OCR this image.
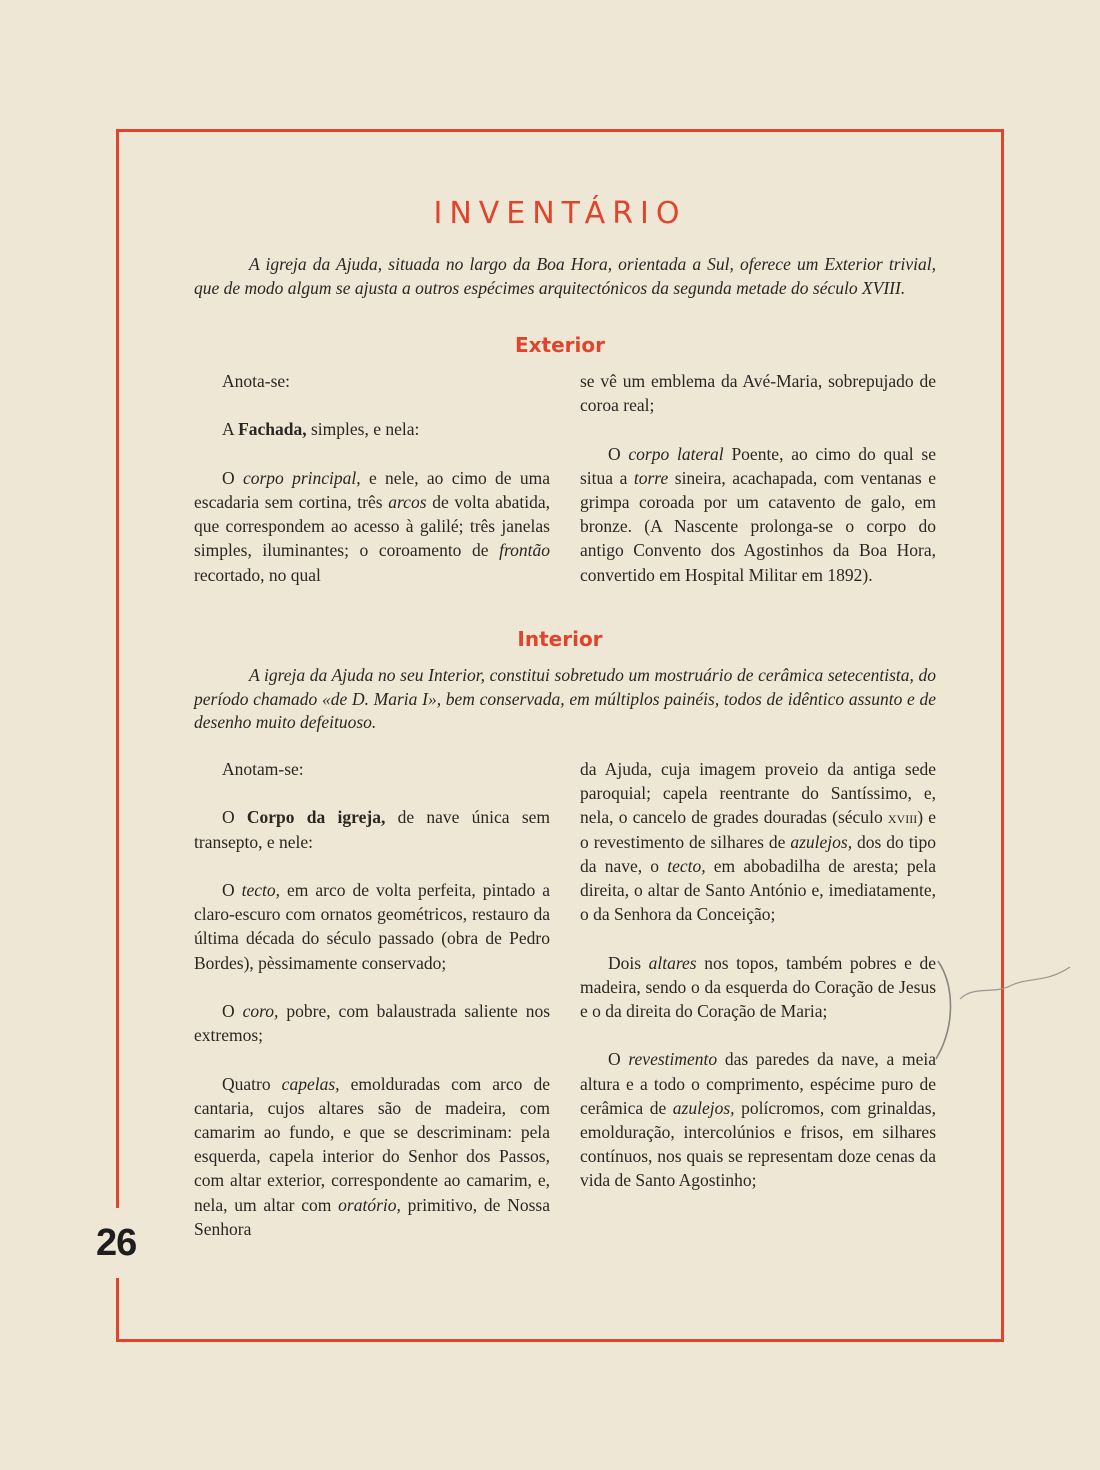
26
INVENTÁRIO

A igreja da Ajuda, situada no largo da Boa Hora, orientada a Sul, oferece um Exterior trivial, que de modo algum se ajusta a outros espécimes arquitectónicos da segunda metade do século XVIII.

Exterior

Anota-se:

A Fachada, simples, e nela:

O corpo principal, e nele, ao cimo de uma escadaria sem cortina, três arcos de volta abatida, que correspondem ao acesso à galilé; três janelas simples, iluminantes; o coroamento de frontão recortado, no qual

se vê um emblema da Avé-Maria, sobrepujado de coroa real;

O corpo lateral Poente, ao cimo do qual se situa a torre sineira, acachapada, com ventanas e grimpa coroada por um catavento de galo, em bronze. (A Nascente prolonga-se o corpo do antigo Convento dos Agostinhos da Boa Hora, convertido em Hospital Militar em 1892).

Interior

A igreja da Ajuda no seu Interior, constitui sobretudo um mostruário de cerâmica setecentista, do período chamado «de D. Maria I», bem conservada, em múltiplos painéis, todos de idêntico assunto e de desenho muito defeituoso.

Anotam-se:

O Corpo da igreja, de nave única sem transepto, e nele:

O tecto, em arco de volta perfeita, pintado a claro-escuro com ornatos geométricos, restauro da última década do século passado (obra de Pedro Bordes), pèssimamente conservado;

O coro, pobre, com balaustrada saliente nos extremos;

Quatro capelas, emolduradas com arco de cantaria, cujos altares são de madeira, com camarim ao fundo, e que se descriminam: pela esquerda, capela interior do Senhor dos Passos, com altar exterior, correspondente ao camarim, e, nela, um altar com oratório, primitivo, de Nossa Senhora

da Ajuda, cuja imagem proveio da antiga sede paroquial; capela reentrante do Santíssimo, e, nela, o cancelo de grades douradas (século xviii) e o revestimento de silhares de azulejos, dos do tipo da nave, o tecto, em abobadilha de aresta; pela direita, o altar de Santo António e, imediatamente, o da Senhora da Conceição;

Dois altares nos topos, também pobres e de madeira, sendo o da esquerda do Coração de Jesus e o da direita do Coração de Maria;

O revestimento das paredes da nave, a meia altura e a todo o comprimento, espécime puro de cerâmica de azulejos, polícromos, com grinaldas, emolduração, intercolúnios e frisos, em silhares contínuos, nos quais se representam doze cenas da vida de Santo Agostinho;
